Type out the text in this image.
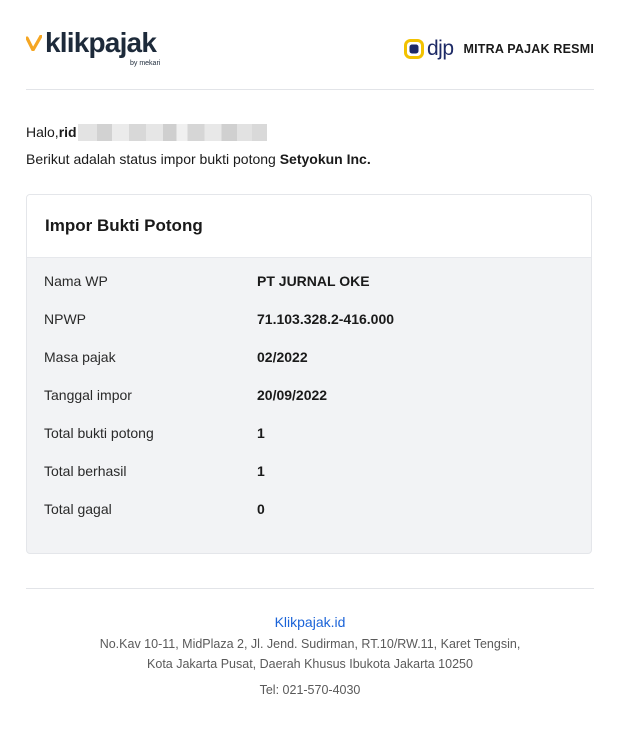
klikpajak
by mekari
djp MITRA PAJAK RESMI
Halo, rid
Berikut adalah status impor bukti potong Setyokun Inc.
Impor Bukti Potong
Nama WP	PT JURNAL OKE
NPWP	71.103.328.2-416.000
Masa pajak	02/2022
Tanggal impor	20/09/2022
Total bukti potong	1
Total berhasil	1
Total gagal	0
Klikpajak.id
No.Kav 10-11, MidPlaza 2, Jl. Jend. Sudirman, RT.10/RW.11, Karet Tengsin,
Kota Jakarta Pusat, Daerah Khusus Ibukota Jakarta 10250
Tel: 021-570-4030
